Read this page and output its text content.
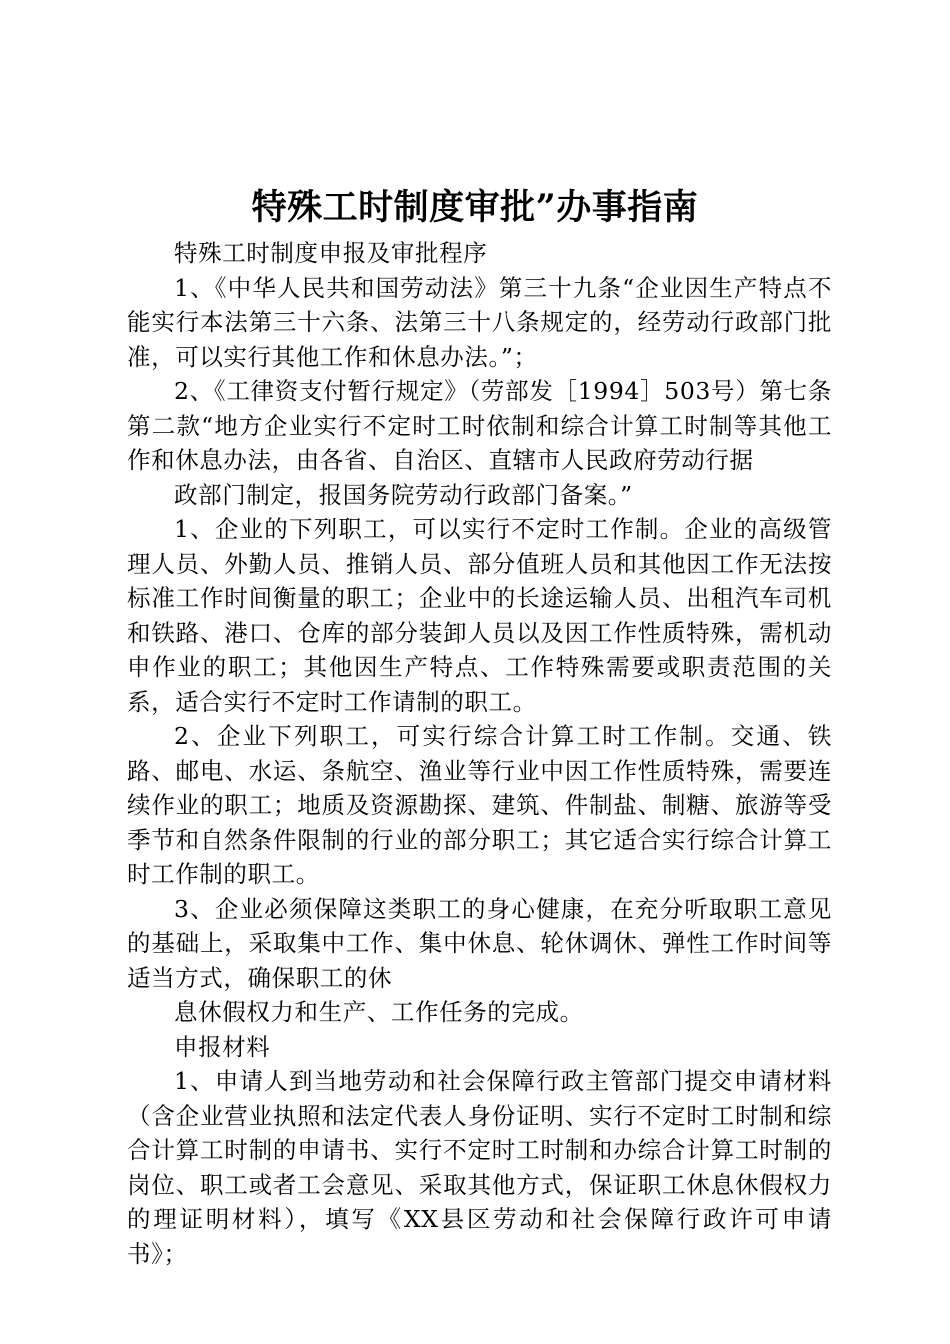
特殊工时制度审批”办事指南

特殊工时制度申报及审批程序

1、《中华人民共和国劳动法》第三十九条“企业因生产特点不能实行本法第三十六条、法第三十八条规定的，经劳动行政部门批准，可以实行其他工作和休息办法。”；

2、《工律资支付暂行规定》（劳部发［1994］503号）第七条第二款“地方企业实行不定时工时依制和综合计算工时制等其他工作和休息办法，由各省、自治区、直辖市人民政府劳动行据

政部门制定，报国务院劳动行政部门备案。”

1、企业的下列职工，可以实行不定时工作制。企业的高级管理人员、外勤人员、推销人员、部分值班人员和其他因工作无法按标准工作时间衡量的职工；企业中的长途运输人员、出租汽车司机和铁路、港口、仓库的部分装卸人员以及因工作性质特殊，需机动申作业的职工；其他因生产特点、工作特殊需要或职责范围的关系，适合实行不定时工作请制的职工。

2、企业下列职工，可实行综合计算工时工作制。交通、铁路、邮电、水运、条航空、渔业等行业中因工作性质特殊，需要连续作业的职工；地质及资源勘探、建筑、件制盐、制糖、旅游等受季节和自然条件限制的行业的部分职工；其它适合实行综合计算工时工作制的职工。

3、企业必须保障这类职工的身心健康，在充分听取职工意见的基础上，采取集中工作、集中休息、轮休调休、弹性工作时间等适当方式，确保职工的休

息休假权力和生产、工作任务的完成。

申报材料

1、申请人到当地劳动和社会保障行政主管部门提交申请材料（含企业营业执照和法定代表人身份证明、实行不定时工时制和综合计算工时制的申请书、实行不定时工时制和办综合计算工时制的岗位、职工或者工会意见、采取其他方式，保证职工休息休假权力的理证明材料），填写《XX县区劳动和社会保障行政许可申请书》；
